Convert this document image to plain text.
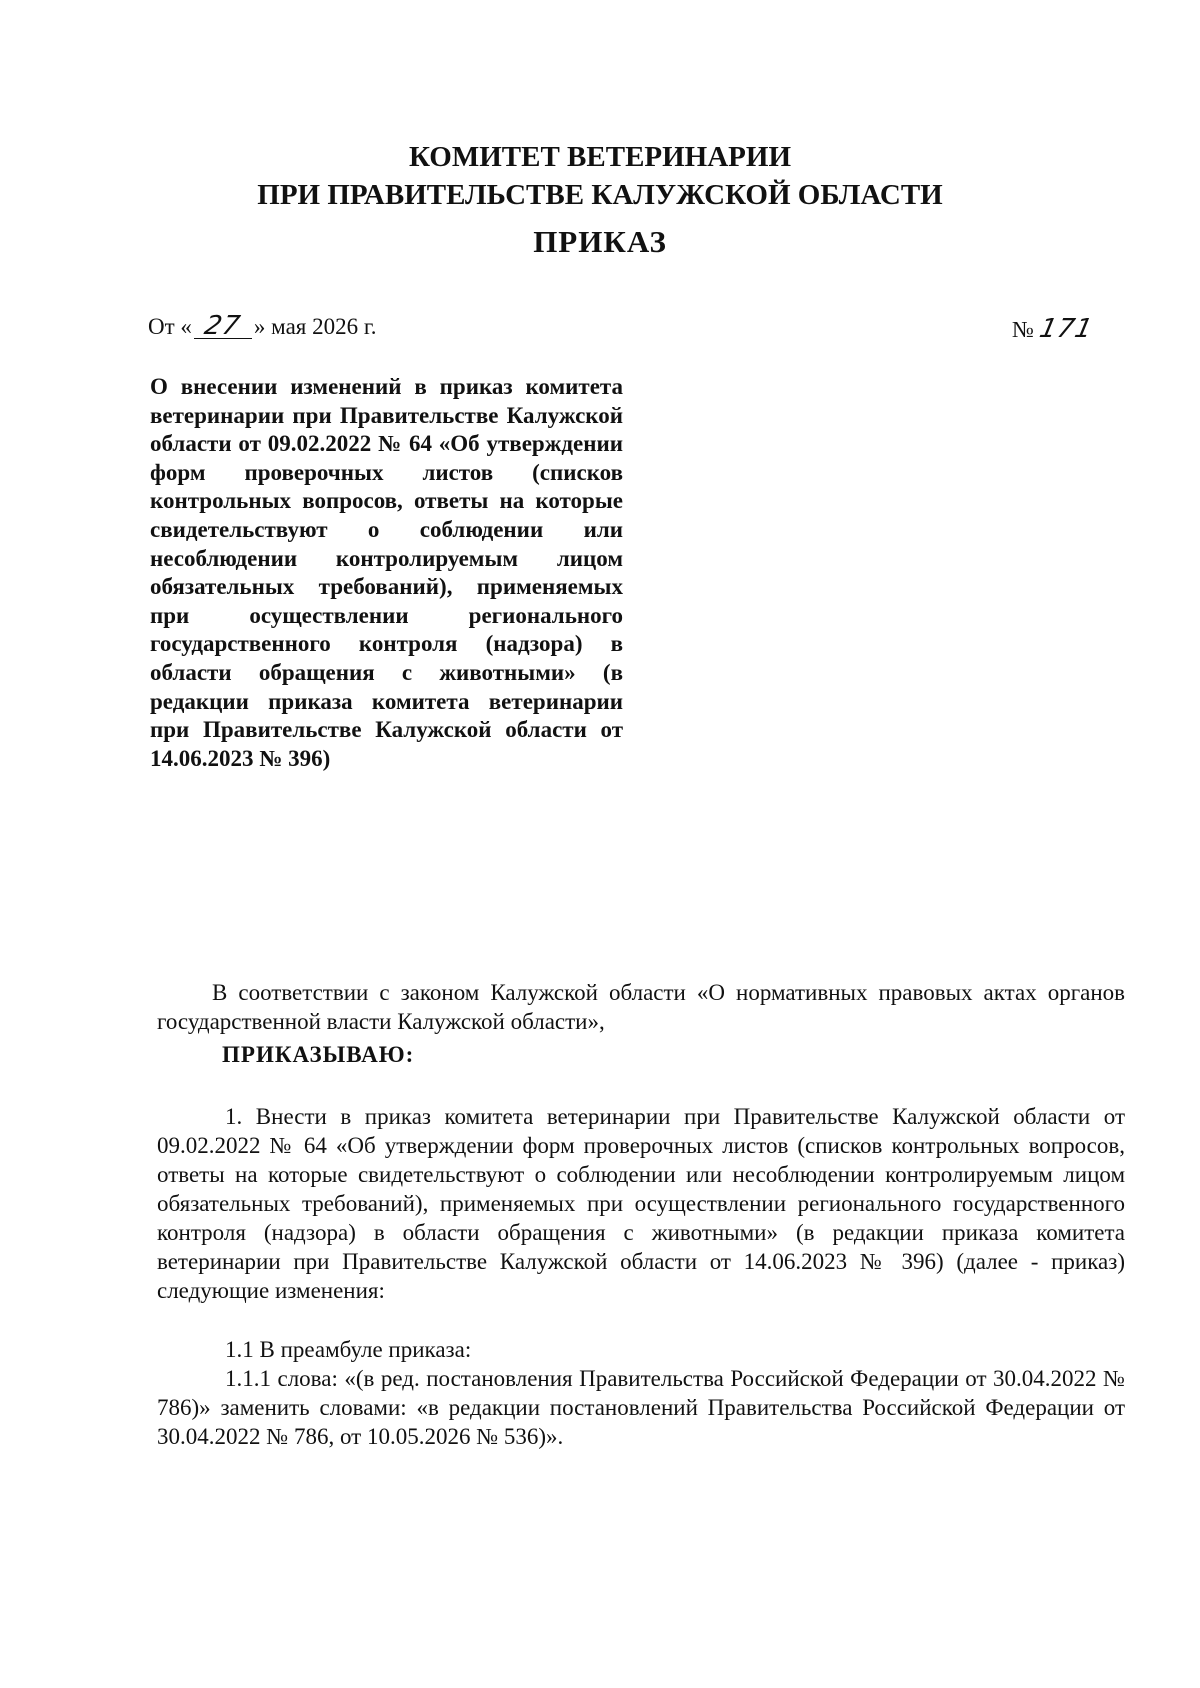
КОМИТЕТ ВЕТЕРИНАРИИ
ПРИ ПРАВИТЕЛЬСТВЕ КАЛУЖСКОЙ ОБЛАСТИ
ПРИКАЗ
От « 27 » мая 2026 г.	№ 171
О внесении изменений в приказ комитета ветеринарии при Правительстве Калужской области от 09.02.2022 № 64 «Об утверждении форм проверочных листов (списков контрольных вопросов, ответы на которые свидетельствуют о соблюдении или несоблюдении контролируемым лицом обязательных требований), применяемых при осуществлении регионального государственного контроля (надзора) в области обращения с животными» (в редакции приказа комитета ветеринарии при Правительстве Калужской области от 14.06.2023 № 396)
В соответствии с законом Калужской области «О нормативных правовых актах органов государственной власти Калужской области»,
ПРИКАЗЫВАЮ:
1. Внести в приказ комитета ветеринарии при Правительстве Калужской области от 09.02.2022 № 64 «Об утверждении форм проверочных листов (списков контрольных вопросов, ответы на которые свидетельствуют о соблюдении или несоблюдении контролируемым лицом обязательных требований), применяемых при осуществлении регионального государственного контроля (надзора) в области обращения с животными» (в редакции приказа комитета ветеринарии при Правительстве Калужской области от 14.06.2023 № 396) (далее - приказ) следующие изменения:
1.1 В преамбуле приказа:
1.1.1 слова: «(в ред. постановления Правительства Российской Федерации от 30.04.2022 № 786)» заменить словами: «в редакции постановлений Правительства Российской Федерации от 30.04.2022 № 786, от 10.05.2026 № 536)».
